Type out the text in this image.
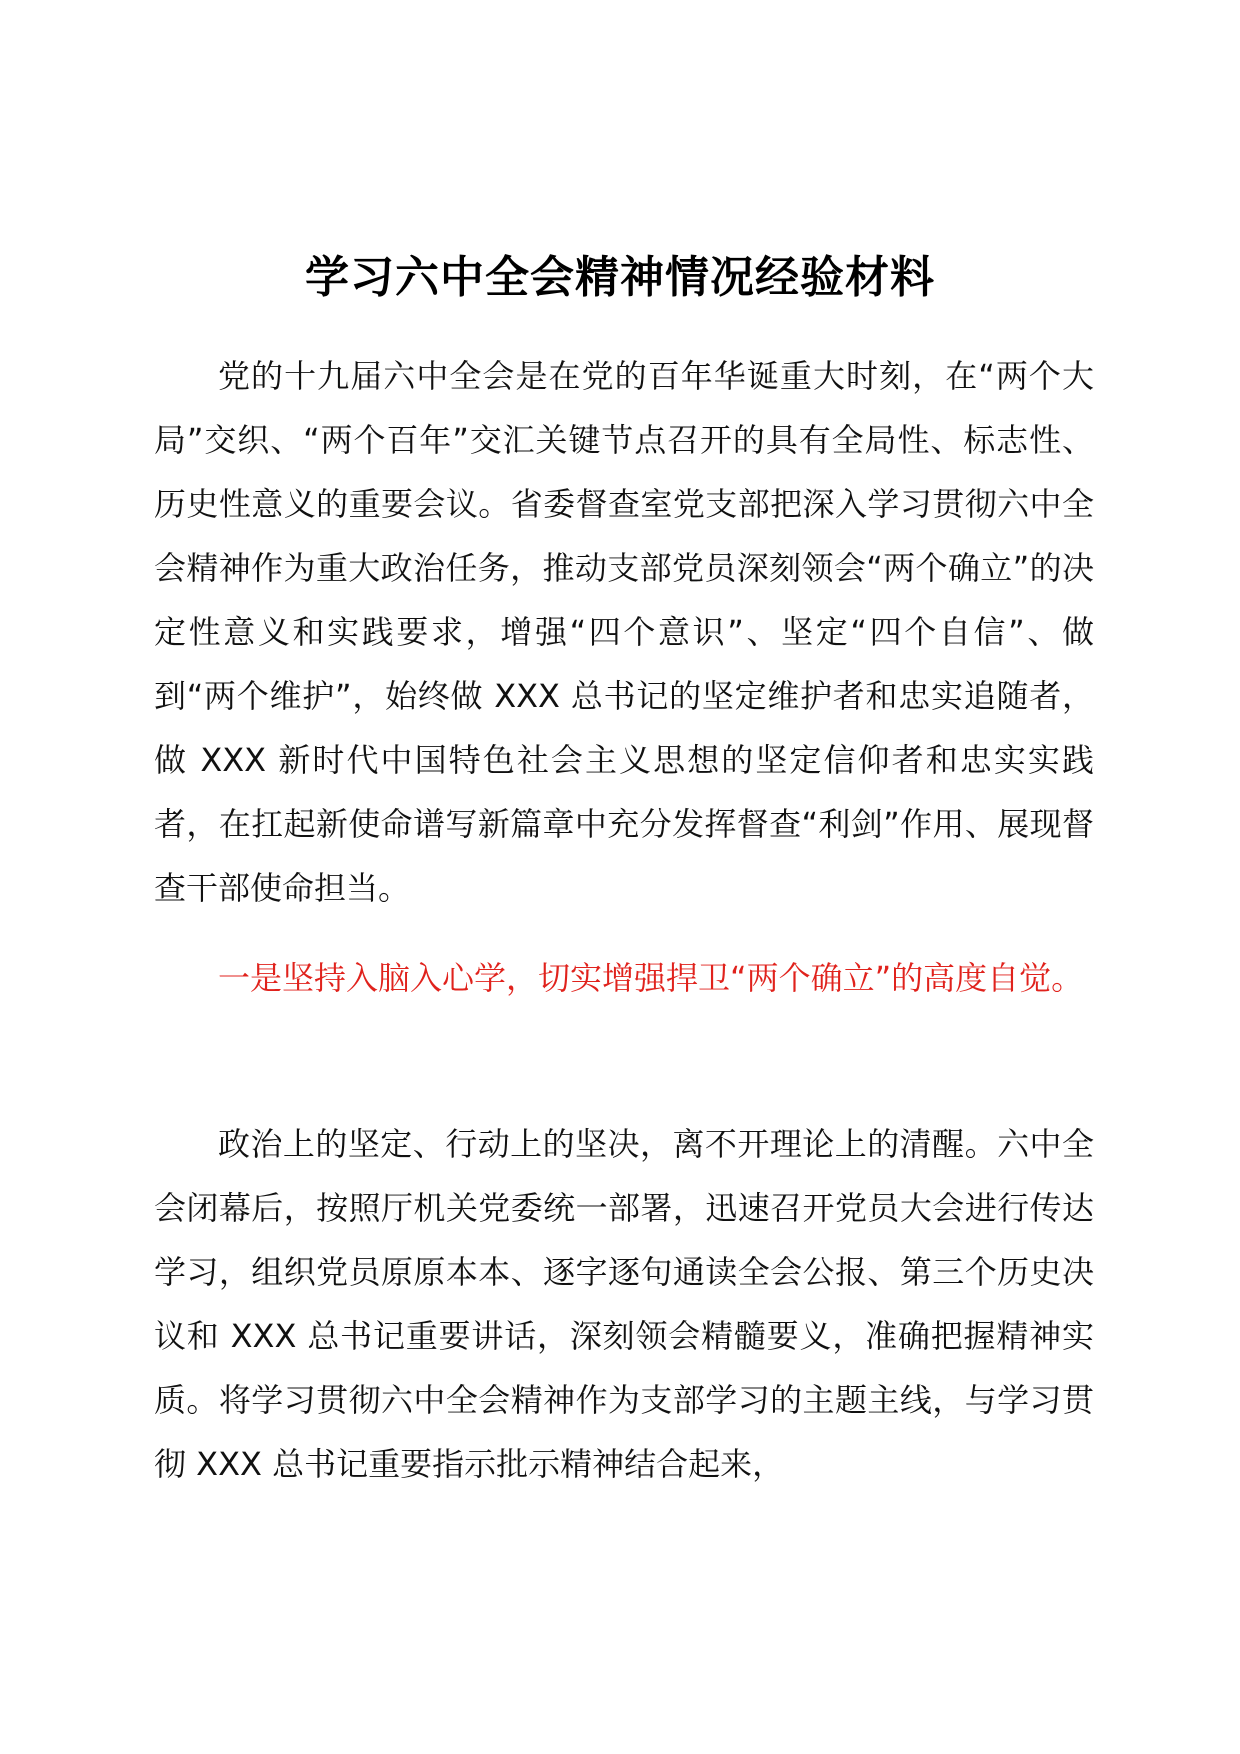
学习六中全会精神情况经验材料

党的十九届六中全会是在党的百年华诞重大时刻，在“两个大局”交织、“两个百年”交汇关键节点召开的具有全局性、标志性、历史性意义的重要会议。省委督查室党支部把深入学习贯彻六中全会精神作为重大政治任务，推动支部党员深刻领会“两个确立”的决定性意义和实践要求，增强“四个意识”、坚定“四个自信”、做到“两个维护”，始终做 XXX 总书记的坚定维护者和忠实追随者，做 XXX 新时代中国特色社会主义思想的坚定信仰者和忠实实践者，在扛起新使命谱写新篇章中充分发挥督查“利剑”作用、展现督查干部使命担当。

一是坚持入脑入心学，切实增强捍卫“两个确立”的高度自觉。

政治上的坚定、行动上的坚决，离不开理论上的清醒。六中全会闭幕后，按照厅机关党委统一部署，迅速召开党员大会进行传达学习，组织党员原原本本、逐字逐句通读全会公报、第三个历史决议和 XXX 总书记重要讲话，深刻领会精髓要义，准确把握精神实质。将学习贯彻六中全会精神作为支部学习的主题主线，与学习贯彻 XXX 总书记重要指示批示精神结合起来，
